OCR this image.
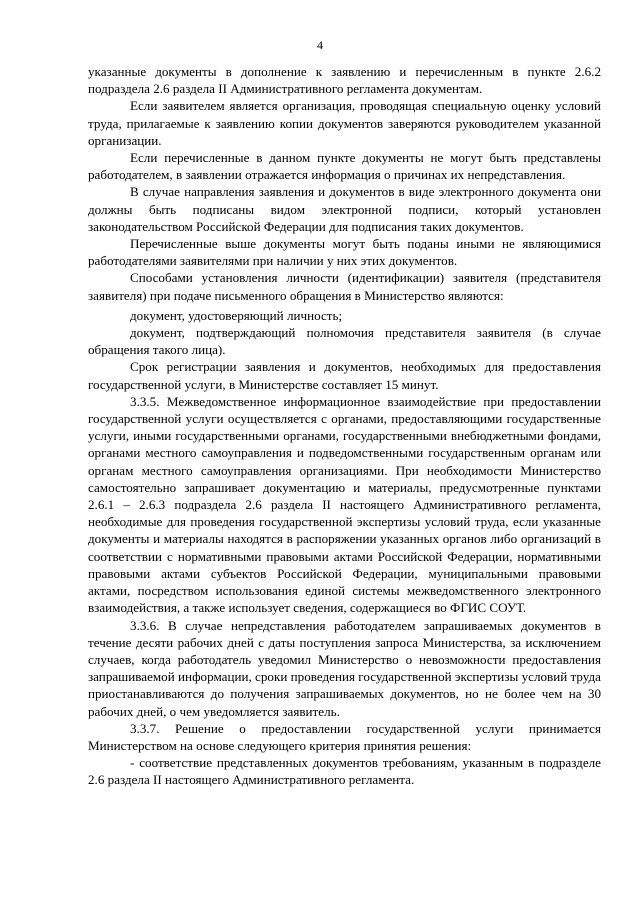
4

указанные документы в дополнение к заявлению и перечисленным в пункте 2.6.2 подраздела 2.6 раздела II Административного регламента документам.

Если заявителем является организация, проводящая специальную оценку условий труда, прилагаемые к заявлению копии документов заверяются руководителем указанной организации.

Если перечисленные в данном пункте документы не могут быть представлены работодателем, в заявлении отражается информация о причинах их непредставления.

В случае направления заявления и документов в виде электронного документа они должны быть подписаны видом электронной подписи, который установлен законодательством Российской Федерации для подписания таких документов.

Перечисленные выше документы могут быть поданы иными не являющимися работодателями заявителями при наличии у них этих документов.

Способами установления личности (идентификации) заявителя (представителя заявителя) при подаче письменного обращения в Министерство являются:

документ, удостоверяющий личность;

документ, подтверждающий полномочия представителя заявителя (в случае обращения такого лица).

Срок регистрации заявления и документов, необходимых для предоставления государственной услуги, в Министерстве составляет 15 минут.

3.3.5. Межведомственное информационное взаимодействие при предоставлении государственной услуги осуществляется с органами, предоставляющими государственные услуги, иными государственными органами, государственными внебюджетными фондами, органами местного самоуправления и подведомственными государственным органам или органам местного самоуправления организациями. При необходимости Министерство самостоятельно запрашивает документацию и материалы, предусмотренные пунктами 2.6.1 – 2.6.3 подраздела 2.6 раздела II настоящего Административного регламента, необходимые для проведения государственной экспертизы условий труда, если указанные документы и материалы находятся в распоряжении указанных органов либо организаций в соответствии с нормативными правовыми актами Российской Федерации, нормативными правовыми актами субъектов Российской Федерации, муниципальными правовыми актами, посредством использования единой системы межведомственного электронного взаимодействия, а также использует сведения, содержащиеся во ФГИС СОУТ.

3.3.6. В случае непредставления работодателем запрашиваемых документов в течение десяти рабочих дней с даты поступления запроса Министерства, за исключением случаев, когда работодатель уведомил Министерство о невозможности предоставления запрашиваемой информации, сроки проведения государственной экспертизы условий труда приостанавливаются до получения запрашиваемых документов, но не более чем на 30 рабочих дней, о чем уведомляется заявитель.

3.3.7. Решение о предоставлении государственной услуги принимается Министерством на основе следующего критерия принятия решения:

- соответствие представленных документов требованиям, указанным в подразделе 2.6 раздела II настоящего Административного регламента.
